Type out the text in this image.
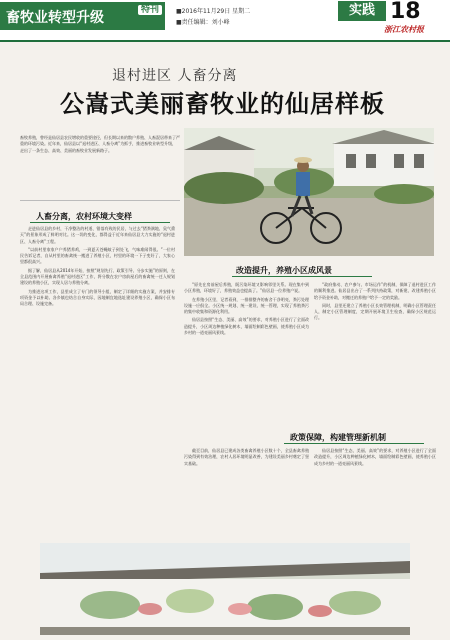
畜牧业转型升级	特刊	■2016年11月29日 星期二
■责任编辑：刘小峰
实践 18
浙江农村报
退村进区 人畜分离
公嵩式美丽畜牧业的仙居样板
畜牧养殖，曾经是仙居县农民增收的重要途径，但长期以来的散户养殖、人畜混居带来了严重的环境污染。近年来，仙居县以“退村进区、人畜分离”为抓手，推进畜牧业转型升级，走出了一条生态、高效、美丽的畜牧业发展新路子。
人畜分离，农村环境大变样

走进仙居县的乡村，干净整洁的村道、错落有致的民居，与过去“猪粪满地、臭气熏天”的景象形成了鲜明对比。这一切的变化，都得益于近年来仙居县大力实施的“退村进区、人畜分离”工程。

“以前村里家家户户养猪养鸡，一到夏天苍蝇蚊子到处飞，气味难闻得很。”一位村民告诉记者，自从村里的畜禽统一搬进了养殖小区，村里的环境一下子变好了，大家心里都很高兴。

据了解，仙居县从2014年开始，按照“规划先行、政策引导、分步实施”的原则，在全县范围内开展畜禽养殖“退村进区”工作，将分散在农户房前屋后的畜禽统一迁入规划建设的养殖小区，实现人居与养殖分离。

为推进这项工作，县里成立了专门的领导小组，制定了详细的实施方案，并安排专项资金予以补助。各乡镇也结合自身实际，因地制宜地选址建设养殖小区，确保小区布局合理、设施完备。

改造提升，养殖小区成风景

“原先在房前屋后养殖，既污染环境又影响邻里关系。现在集中到小区养殖，环境好了，养殖效益也提高了。”仙居县一位养殖户说。

在养殖小区里，记者看到，一排排整齐的畜舍干净明亮，粪污处理设施一应俱全。小区统一规划、统一建设、统一管理，实现了养殖粪污的集中收集和资源化利用。

仙居县按照“生态、美丽、高效”的要求，对养殖小区进行了全面改造提升，小区周边种植绿化树木，墙面绘制彩色壁画，使养殖小区成为乡村的一道亮丽风景线。

“政府推动、农户参与、市场运作”的机制，保障了退村进区工作的顺利推进。仙居县出台了一系列扶持政策，对新建、改建养殖小区给予资金补助，对搬迁的养殖户给予一定的奖励。

同时，县里还建立了养殖小区长效管理机制，明确小区管理责任人，制定小区管理制度，定期开展环境卫生检查，确保小区规范运行。

政策保障，构建管理新机制

截至目前，仙居县已建成各类畜禽养殖小区数十个，全县畜禽养殖污染得到有效治理，农村人居环境明显改善，为建设美丽乡村奠定了坚实基础。

仙居县按照“生态、美丽、高效”的要求，对养殖小区进行了全面改造提升，小区周边种植绿化树木，墙面绘制彩色壁画，使养殖小区成为乡村的一道亮丽风景线。
